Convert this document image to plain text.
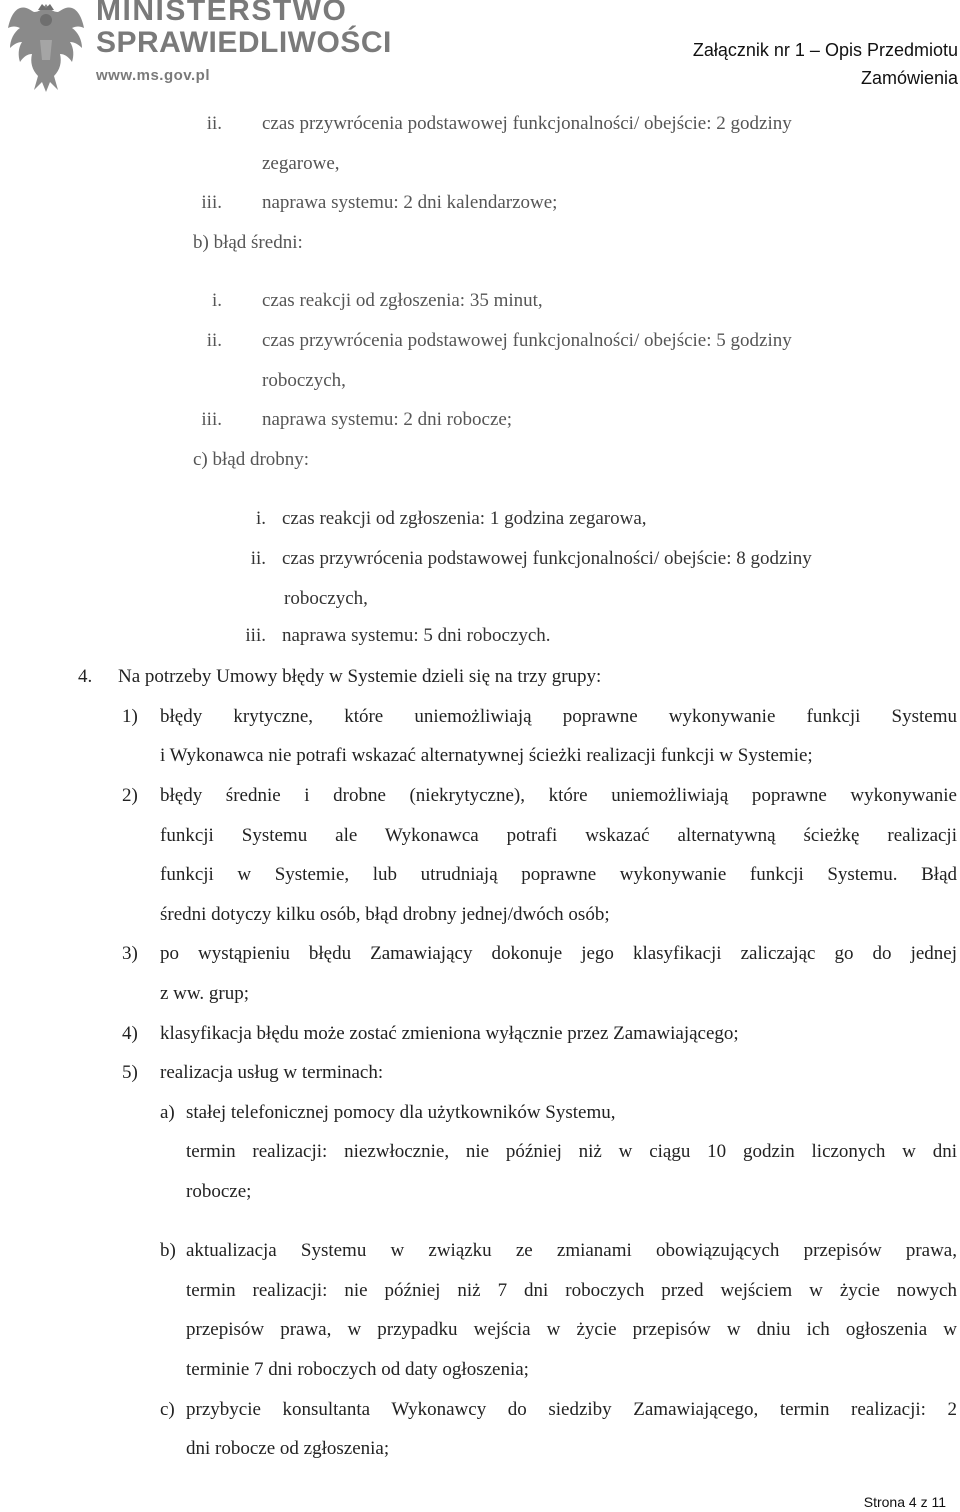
MINISTERSTWO
SPRAWIEDLIWOŚCI
www.ms.gov.pl
Załącznik nr 1 – Opis Przedmiotu
Zamówienia
ii. czas przywrócenia podstawowej funkcjonalności/ obejście: 2 godziny
zegarowe,
iii. naprawa systemu: 2 dni kalendarzowe;
b) błąd średni:
i. czas reakcji od zgłoszenia: 35 minut,
ii. czas przywrócenia podstawowej funkcjonalności/ obejście: 5 godziny
roboczych,
iii. naprawa systemu: 2 dni robocze;
c) błąd drobny:
i. czas reakcji od zgłoszenia: 1 godzina zegarowa,
ii. czas przywrócenia podstawowej funkcjonalności/ obejście: 8 godziny
roboczych,
iii. naprawa systemu: 5 dni roboczych.
4. Na potrzeby Umowy błędy w Systemie dzieli się na trzy grupy:
1) błędy krytyczne, które uniemożliwiają poprawne wykonywanie funkcji Systemu
i Wykonawca nie potrafi wskazać alternatywnej ścieżki realizacji funkcji w Systemie;
2) błędy średnie i drobne (niekrytyczne), które uniemożliwiają poprawne wykonywanie
funkcji Systemu ale Wykonawca potrafi wskazać alternatywną ścieżkę realizacji
funkcji w Systemie, lub utrudniają poprawne wykonywanie funkcji Systemu. Błąd
średni dotyczy kilku osób, błąd drobny jednej/dwóch osób;
3) po wystąpieniu błędu Zamawiający dokonuje jego klasyfikacji zaliczając go do jednej
z ww. grup;
4) klasyfikacja błędu może zostać zmieniona wyłącznie przez Zamawiającego;
5) realizacja usług w terminach:
a) stałej telefonicznej pomocy dla użytkowników Systemu,
termin realizacji: niezwłocznie, nie później niż w ciągu 10 godzin liczonych w dni
robocze;
b) aktualizacja Systemu w związku ze zmianami obowiązujących przepisów prawa,
termin realizacji: nie później niż 7 dni roboczych przed wejściem w życie nowych
przepisów prawa, w przypadku wejścia w życie przepisów w dniu ich ogłoszenia w
terminie 7 dni roboczych od daty ogłoszenia;
c) przybycie konsultanta Wykonawcy do siedziby Zamawiającego, termin realizacji: 2
dni robocze od zgłoszenia;
Strona 4 z 11
